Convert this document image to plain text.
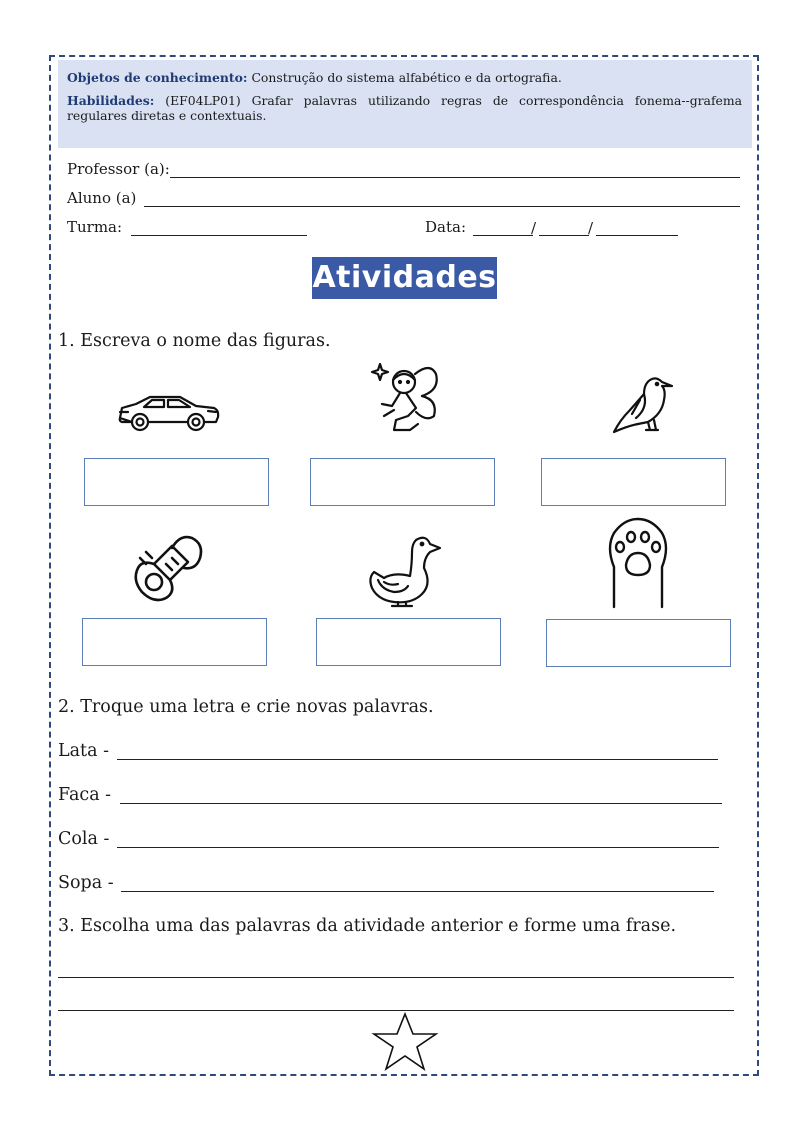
Objetos de conhecimento: Construção do sistema alfabético e da ortografia.

Habilidades: (EF04LP01) Grafar palavras utilizando regras de correspondência fonema--grafema regulares diretas e contextuais.

Professor (a):
Aluno (a)
Turma:	Data:	/	/
Atividades
1. Escreva o nome das figuras.
2. Troque uma letra e crie novas palavras.
Lata -
Faca -
Cola -
Sopa -
3. Escolha uma das palavras da atividade anterior e forme uma frase.
